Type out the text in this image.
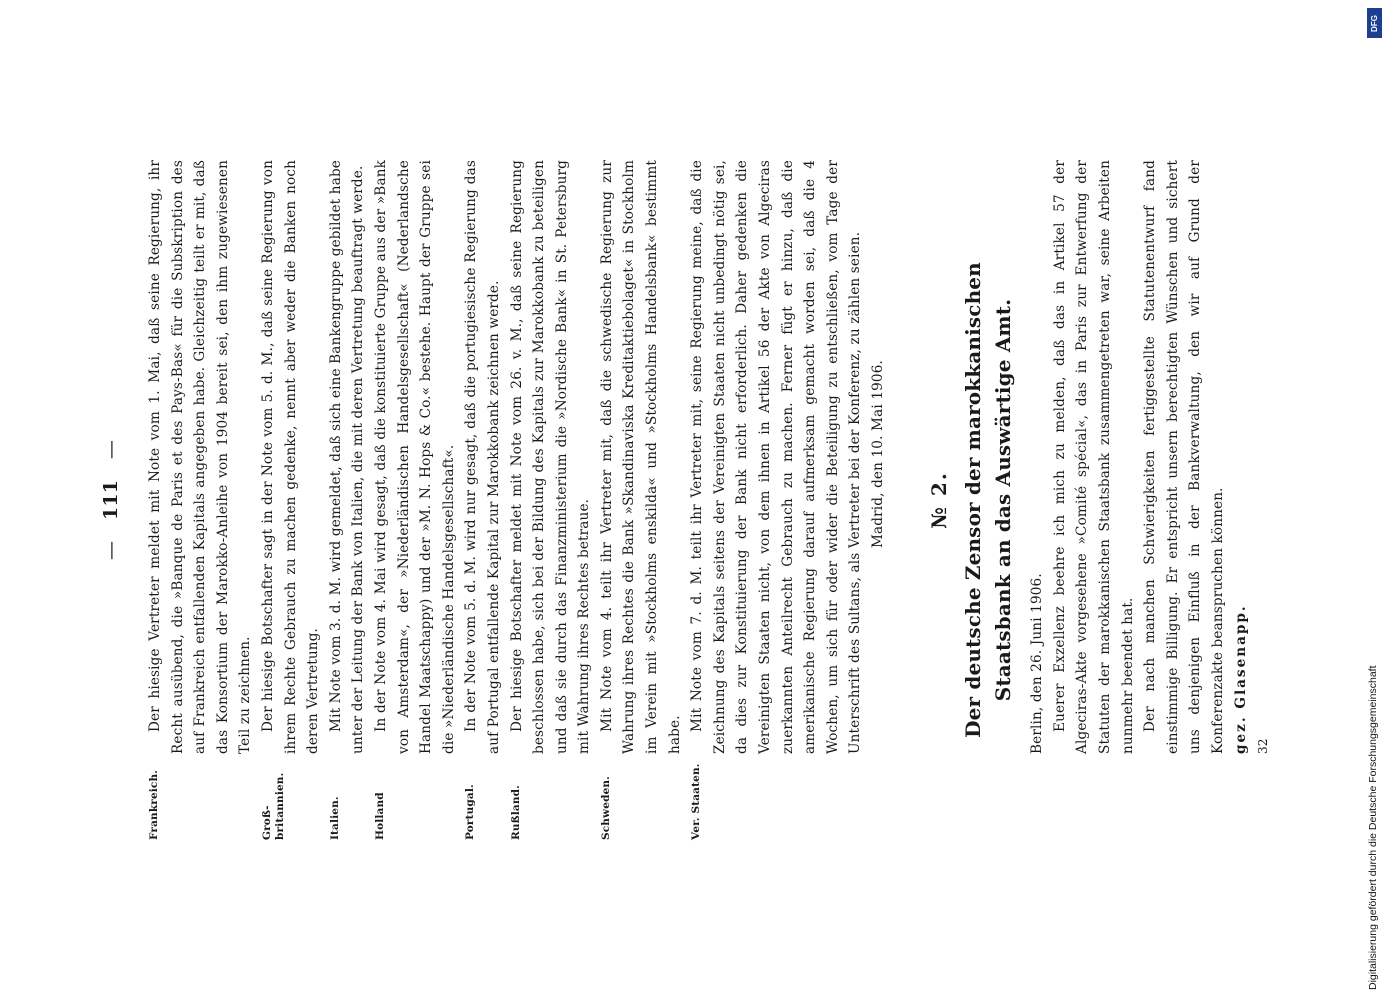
— 111 —
Frankreich.

Der hiesige Vertreter meldet mit Note vom 1. Mai, daß seine Regierung, ihr Recht ausübend, die »Banque de Paris et des Pays-Bas« für die Subskription des auf Frankreich entfallenden Kapitals angegeben habe. Gleichzeitig teilt er mit, daß das Konsortium der Marokko-Anleihe von 1904 bereit sei, den ihm zugewiesenen Teil zu zeichnen.

Groß-britannien.

Der hiesige Botschafter sagt in der Note vom 5. d. M., daß seine Regierung von ihrem Rechte Gebrauch zu machen gedenke, nennt aber weder die Banken noch deren Vertretung.

Italien.

Mit Note vom 3. d. M. wird gemeldet, daß sich eine Bankengruppe gebildet habe unter der Leitung der Bank von Italien, die mit deren Vertretung beauftragt werde.

Holland

In der Note vom 4. Mai wird gesagt, daß die konstituierte Gruppe aus der »Bank von Amsterdam«, der »Niederländischen Handelsgesellschaft« (Nederlandsche Handel Maatschappy) und der »M. N. Hops & Co.« bestehe. Haupt der Gruppe sei die »Niederländische Handelsgesellschaft«.

Portugal.

In der Note vom 5. d. M. wird nur gesagt, daß die portugiesische Regierung das auf Portugal entfallende Kapital zur Marokkobank zeichnen werde.

Rußland.

Der hiesige Botschafter meldet mit Note vom 26. v. M., daß seine Regierung beschlossen habe, sich bei der Bildung des Kapitals zur Marokkobank zu beteiligen und daß sie durch das Finanzministerium die »Nordische Bank« in St. Petersburg mit Wahrung ihres Rechtes betraue.

Schweden.

Mit Note vom 4. teilt ihr Vertreter mit, daß die schwedische Regierung zur Wahrung ihres Rechtes die Bank »Skandinaviska Kreditaktiebolaget« in Stockholm im Verein mit »Stockholms enskilda« und »Stockholms Handelsbank« bestimmt habe.

Ver. Staaten.

Mit Note vom 7. d. M. teilt ihr Vertreter mit, seine Regierung meine, daß die Zeichnung des Kapitals seitens der Vereinigten Staaten nicht unbedingt nötig sei, da dies zur Konstituierung der Bank nicht erforderlich. Daher gedenken die Vereinigten Staaten nicht, von dem ihnen in Artikel 56 der Akte von Algeciras zuerkannten Anteilrecht Gebrauch zu machen. Ferner fügt er hinzu, daß die amerikanische Regierung darauf aufmerksam gemacht worden sei, daß die 4 Wochen, um sich für oder wider die Beteiligung zu entschließen, vom Tage der Unterschrift des Sultans, als Vertreter bei der Konferenz, zu zählen seien. Madrid, den 10. Mai 1906. № 2. Der deutsche Zensor der marokkanischen Staatsbank an das Auswärtige Amt. Berlin, den 26. Juni 1906. Euerer Exzellenz beehre ich mich zu melden, daß das in Artikel 57 der Algeciras-Akte vorgesehene »Comité spécial«, das in Paris zur Entwerfung der Statuten der marokkanischen Staatsbank zusammengetreten war, seine Arbeiten nunmehr beendet hat. Der nach manchen Schwierigkeiten fertiggestellte Statutenentwurf fand einstimmige Billigung. Er entspricht unsern berechtigten Wünschen und sichert uns denjenigen Einfluß in der Bankverwaltung, den wir auf Grund der Konferenzakte beanspruchen können. gez. Glasenapp. 32	Digitalisierung gefördert durch die Deutsche Forschungsgemeinschaft
DFG
